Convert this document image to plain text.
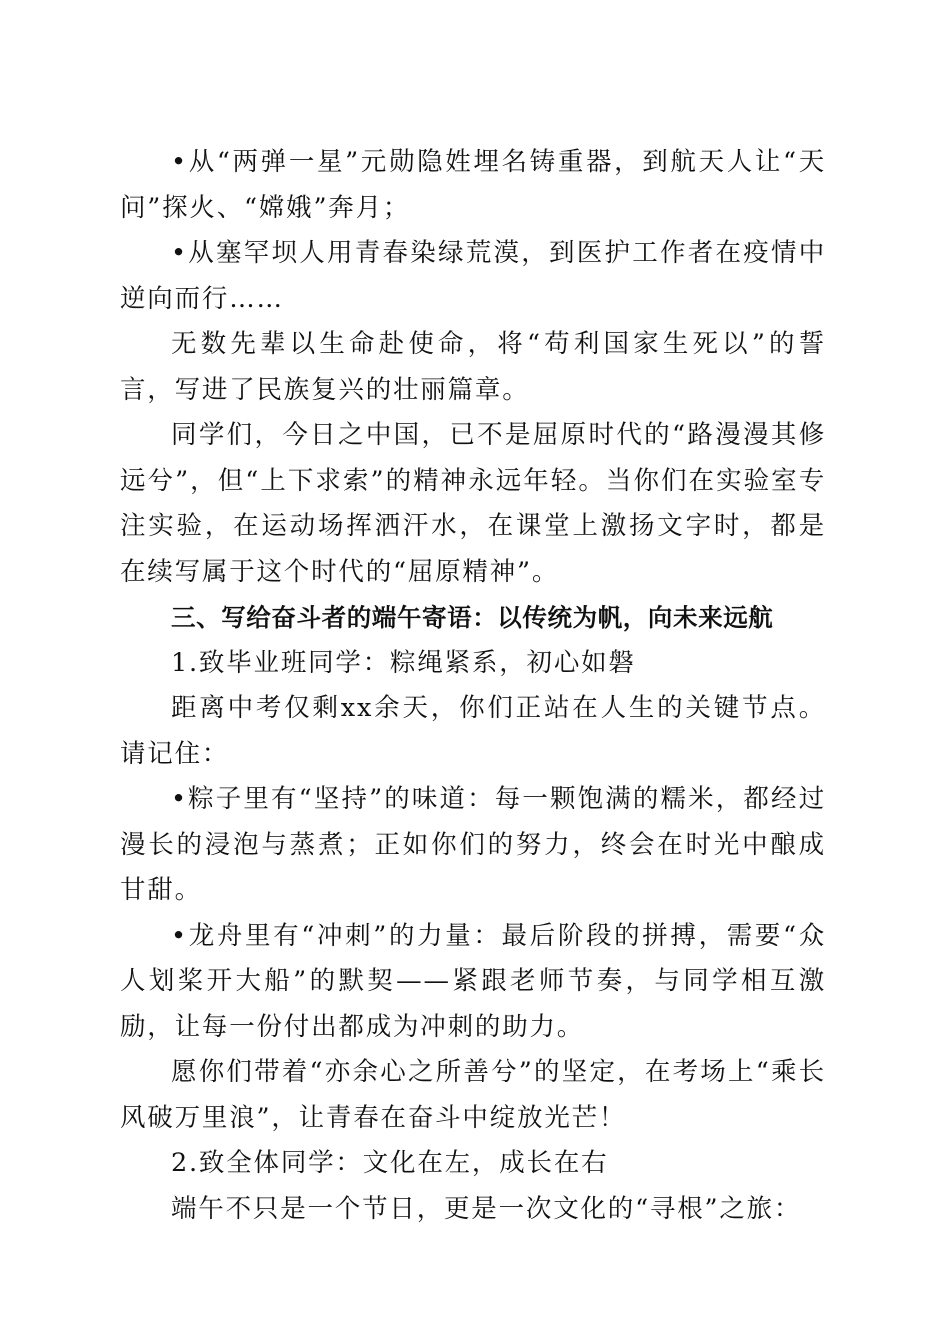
•从“两弹一星”元勋隐姓埋名铸重器，到航天人让“天问”探火、“嫦娥”奔月；

•从塞罕坝人用青春染绿荒漠，到医护工作者在疫情中逆向而行……

无数先辈以生命赴使命，将“苟利国家生死以”的誓言，写进了民族复兴的壮丽篇章。

同学们，今日之中国，已不是屈原时代的“路漫漫其修远兮”，但“上下求索”的精神永远年轻。当你们在实验室专注实验，在运动场挥洒汗水，在课堂上激扬文字时，都是在续写属于这个时代的“屈原精神”。

三、写给奋斗者的端午寄语：以传统为帆，向未来远航

1.致毕业班同学：粽绳紧系，初心如磐

距离中考仅剩xx余天，你们正站在人生的关键节点。请记住：

•粽子里有“坚持”的味道：每一颗饱满的糯米，都经过漫长的浸泡与蒸煮；正如你们的努力，终会在时光中酿成甘甜。

•龙舟里有“冲刺”的力量：最后阶段的拼搏，需要“众人划桨开大船”的默契——紧跟老师节奏，与同学相互激励，让每一份付出都成为冲刺的助力。

愿你们带着“亦余心之所善兮”的坚定，在考场上“乘长风破万里浪”，让青春在奋斗中绽放光芒！

2.致全体同学：文化在左，成长在右

端午不只是一个节日，更是一次文化的“寻根”之旅：
